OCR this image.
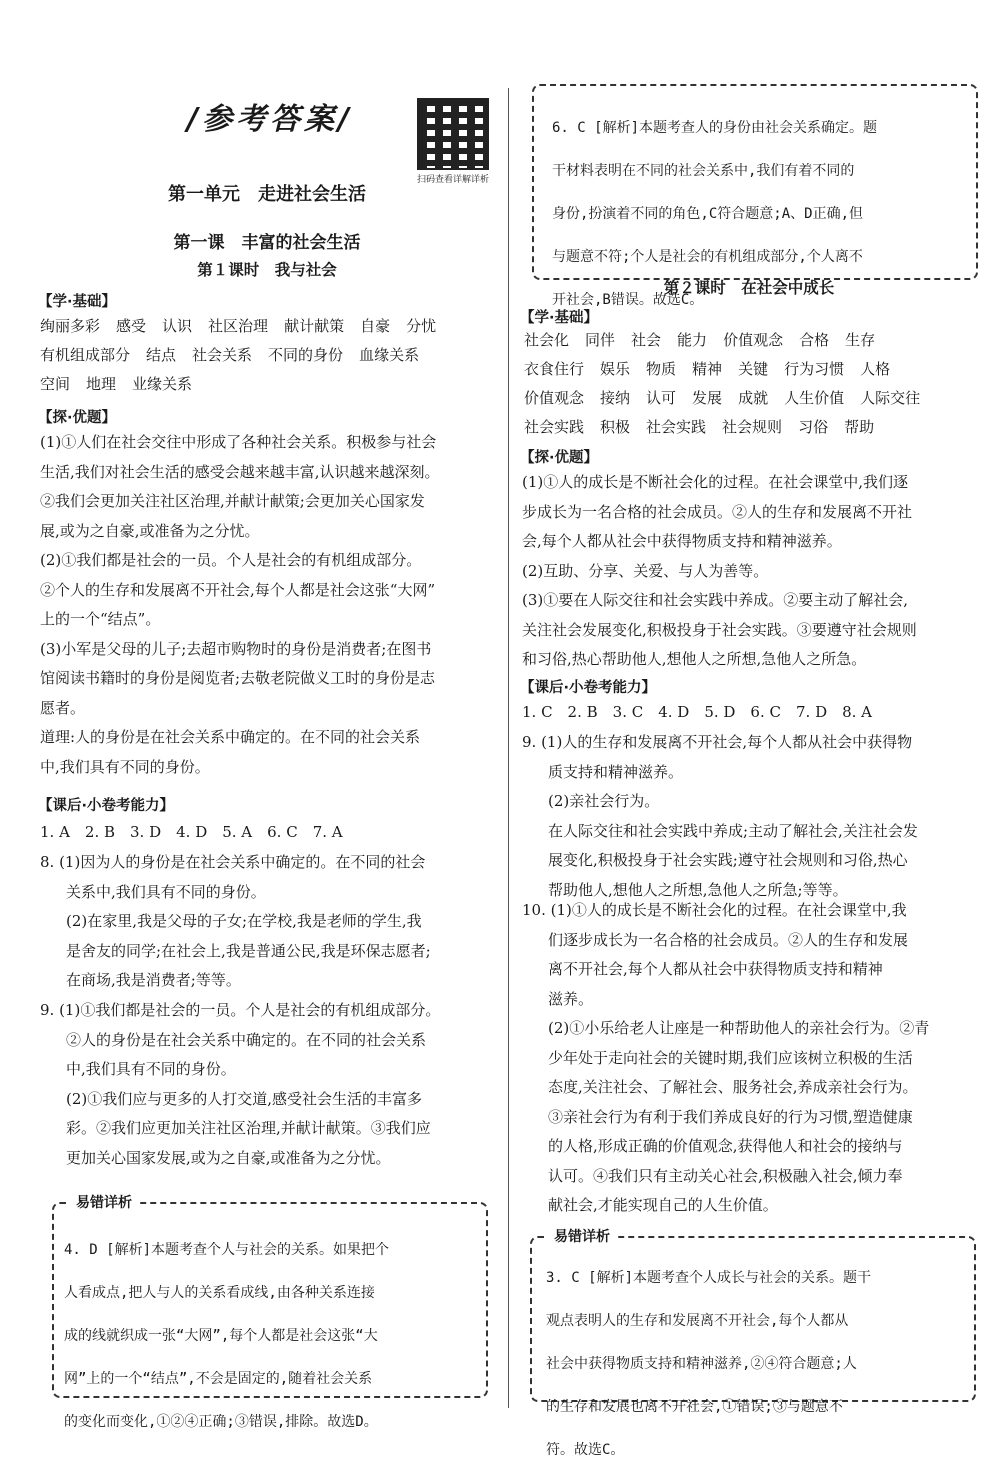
/参考答案/
扫码查看详解详析
第一单元　走进社会生活
第一课　丰富的社会生活
第１课时　我与社会
【学·基础】
绚丽多彩 感受 认识 社区治理 献计献策 自豪 分忧
有机组成部分 结点 社会关系 不同的身份 血缘关系
空间 地理 业缘关系
【探·优题】

(1)①人们在社会交往中形成了各种社会关系。积极参与社会

生活,我们对社会生活的感受会越来越丰富,认识越来越深刻。

②我们会更加关注社区治理,并献计献策;会更加关心国家发

展,或为之自豪,或准备为之分忧。

(2)①我们都是社会的一员。个人是社会的有机组成部分。

②个人的生存和发展离不开社会,每个人都是社会这张“大网”

上的一个“结点”。

(3)小军是父母的儿子;去超市购物时的身份是消费者;在图书

馆阅读书籍时的身份是阅览者;去敬老院做义工时的身份是志

愿者。

道理:人的身份是在社会关系中确定的。在不同的社会关系

中,我们具有不同的身份。

【课后·小卷考能力】
1. A　2. B　3. D　4. D　5. A　6. C　7. A

8. (1)因为人的身份是在社会关系中确定的。在不同的社会

关系中,我们具有不同的身份。

(2)在家里,我是父母的子女;在学校,我是老师的学生,我

是舍友的同学;在社会上,我是普通公民,我是环保志愿者;

在商场,我是消费者;等等。

9. (1)①我们都是社会的一员。个人是社会的有机组成部分。

②人的身份是在社会关系中确定的。在不同的社会关系

中,我们具有不同的身份。

(2)①我们应与更多的人打交道,感受社会生活的丰富多

彩。②我们应更加关注社区治理,并献计献策。③我们应

更加关心国家发展,或为之自豪,或准备为之分忧。

易错详析

4. D [解析]本题考查个人与社会的关系。如果把个

人看成点,把人与人的关系看成线,由各种关系连接

成的线就织成一张“大网”,每个人都是社会这张“大

网”上的一个“结点”,不会是固定的,随着社会关系

的变化而变化,①②④正确;③错误,排除。故选D。

6. C [解析]本题考查人的身份由社会关系确定。题

干材料表明在不同的社会关系中,我们有着不同的

身份,扮演着不同的角色,C符合题意;A、D正确,但

与题意不符;个人是社会的有机组成部分,个人离不

开社会,B错误。故选C。

第２课时　在社会中成长
【学·基础】
社会化 同伴 社会 能力 价值观念 合格 生存
衣食住行 娱乐 物质 精神 关键 行为习惯 人格
价值观念 接纳 认可 发展 成就 人生价值 人际交往
社会实践 积极 社会实践 社会规则 习俗 帮助
【探·优题】

(1)①人的成长是不断社会化的过程。在社会课堂中,我们逐

步成长为一名合格的社会成员。②人的生存和发展离不开社

会,每个人都从社会中获得物质支持和精神滋养。

(2)互助、分享、关爱、与人为善等。

(3)①要在人际交往和社会实践中养成。②要主动了解社会,

关注社会发展变化,积极投身于社会实践。③要遵守社会规则

和习俗,热心帮助他人,想他人之所想,急他人之所急。

【课后·小卷考能力】
1. C　2. B　3. C　4. D　5. D　6. C　7. D　8. A

9. (1)人的生存和发展离不开社会,每个人都从社会中获得物

质支持和精神滋养。

(2)亲社会行为。

在人际交往和社会实践中养成;主动了解社会,关注社会发

展变化,积极投身于社会实践;遵守社会规则和习俗,热心

帮助他人,想他人之所想,急他人之所急;等等。

10. (1)①人的成长是不断社会化的过程。在社会课堂中,我

们逐步成长为一名合格的社会成员。②人的生存和发展

离不开社会,每个人都从社会中获得物质支持和精神

滋养。

(2)①小乐给老人让座是一种帮助他人的亲社会行为。②青

少年处于走向社会的关键时期,我们应该树立积极的生活

态度,关注社会、了解社会、服务社会,养成亲社会行为。

③亲社会行为有利于我们养成良好的行为习惯,塑造健康

的人格,形成正确的价值观念,获得他人和社会的接纳与

认可。④我们只有主动关心社会,积极融入社会,倾力奉

献社会,才能实现自己的人生价值。

易错详析

3. C [解析]本题考查个人成长与社会的关系。题干

观点表明人的生存和发展离不开社会,每个人都从

社会中获得物质支持和精神滋养,②④符合题意;人

的生存和发展也离不开社会,①错误;③与题意不

符。故选C。
